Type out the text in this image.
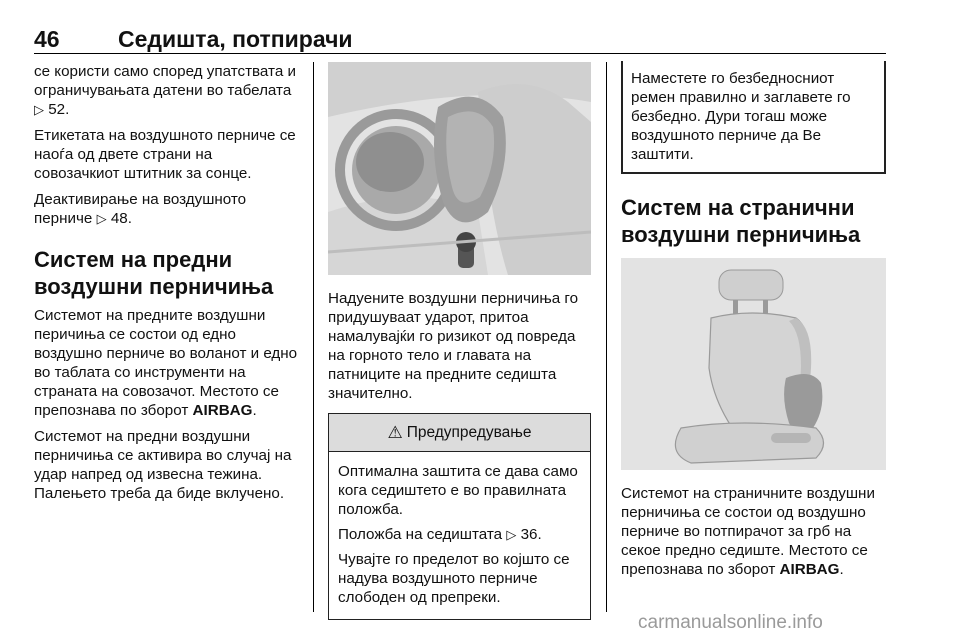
46	Седишта, потпирачи

се користи само според упатствата и ограничувањата датени во табелата ▷ 52.

Етикетата на воздушното перниче се наоѓа од двете страни на совозачкиот штитник за сонце.

Деактивирање на воздушното перниче ▷ 48.

Систем на предни воздушни перничиња

Системот на предните воздушни перичиња се состои од едно воздушно перниче во воланот и едно во таблата со инструменти на страната на совозачот. Местото се препознава по зборот AIRBAG.

Системот на предни воздушни перничиња се активира во случај на удар напред од извесна тежина. Палењето треба да биде вклучено.

Надуените воздушни перничиња го придушуваат ударот, притоа намалувајќи го ризикот од повреда на горното тело и главата на патниците на предните седишта значително.

⚠ Предупредување

Оптимална заштита се дава само кога седиштето е во правилната положба.

Положба на седиштата ▷ 36.

Чувајте го пределот во којшто се надува воздушното перниче слободен од препреки.

Наместете го безбедносниот ремен правилно и заглавете го безбедно. Дури тогаш може воздушното перниче да Ве заштити.

Систем на странични воздушни перничиња

Системот на страничните воздушни перничиња се состои од воздушно перниче во потпирачот за грб на секое предно седиште. Местото се препознава по зборот AIRBAG.

carmanualsonline.info
